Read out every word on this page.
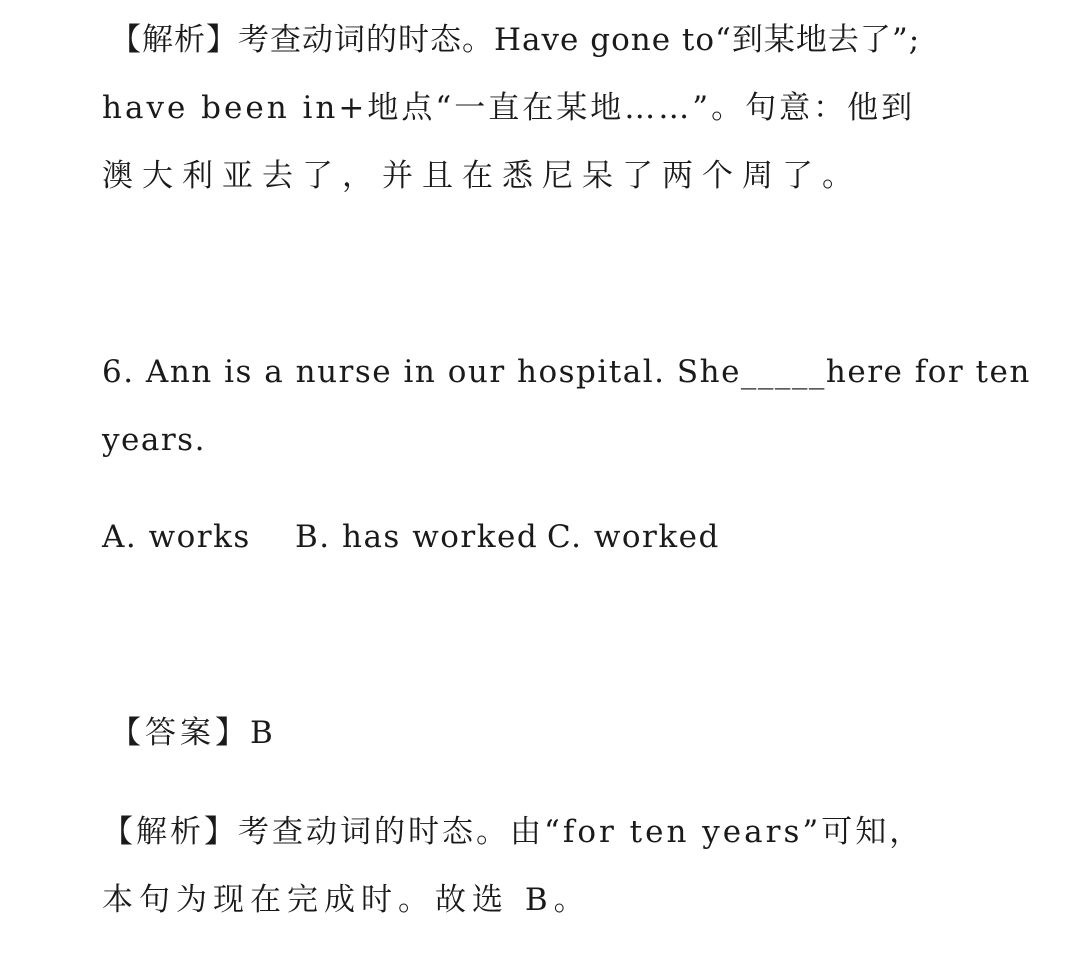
【解析】考查动词的时态。Have gone to“到某地去了”;
have been in+地点“一直在某地……”。句意：他到
澳大利亚去了，并且在悉尼呆了两个周了。
6. Ann is a nurse in our hospital. She_____here for ten
years.
A. works B. has worked C. worked
【答案】B
【解析】考查动词的时态。由“for ten years”可知，
本句为现在完成时。故选 B。
